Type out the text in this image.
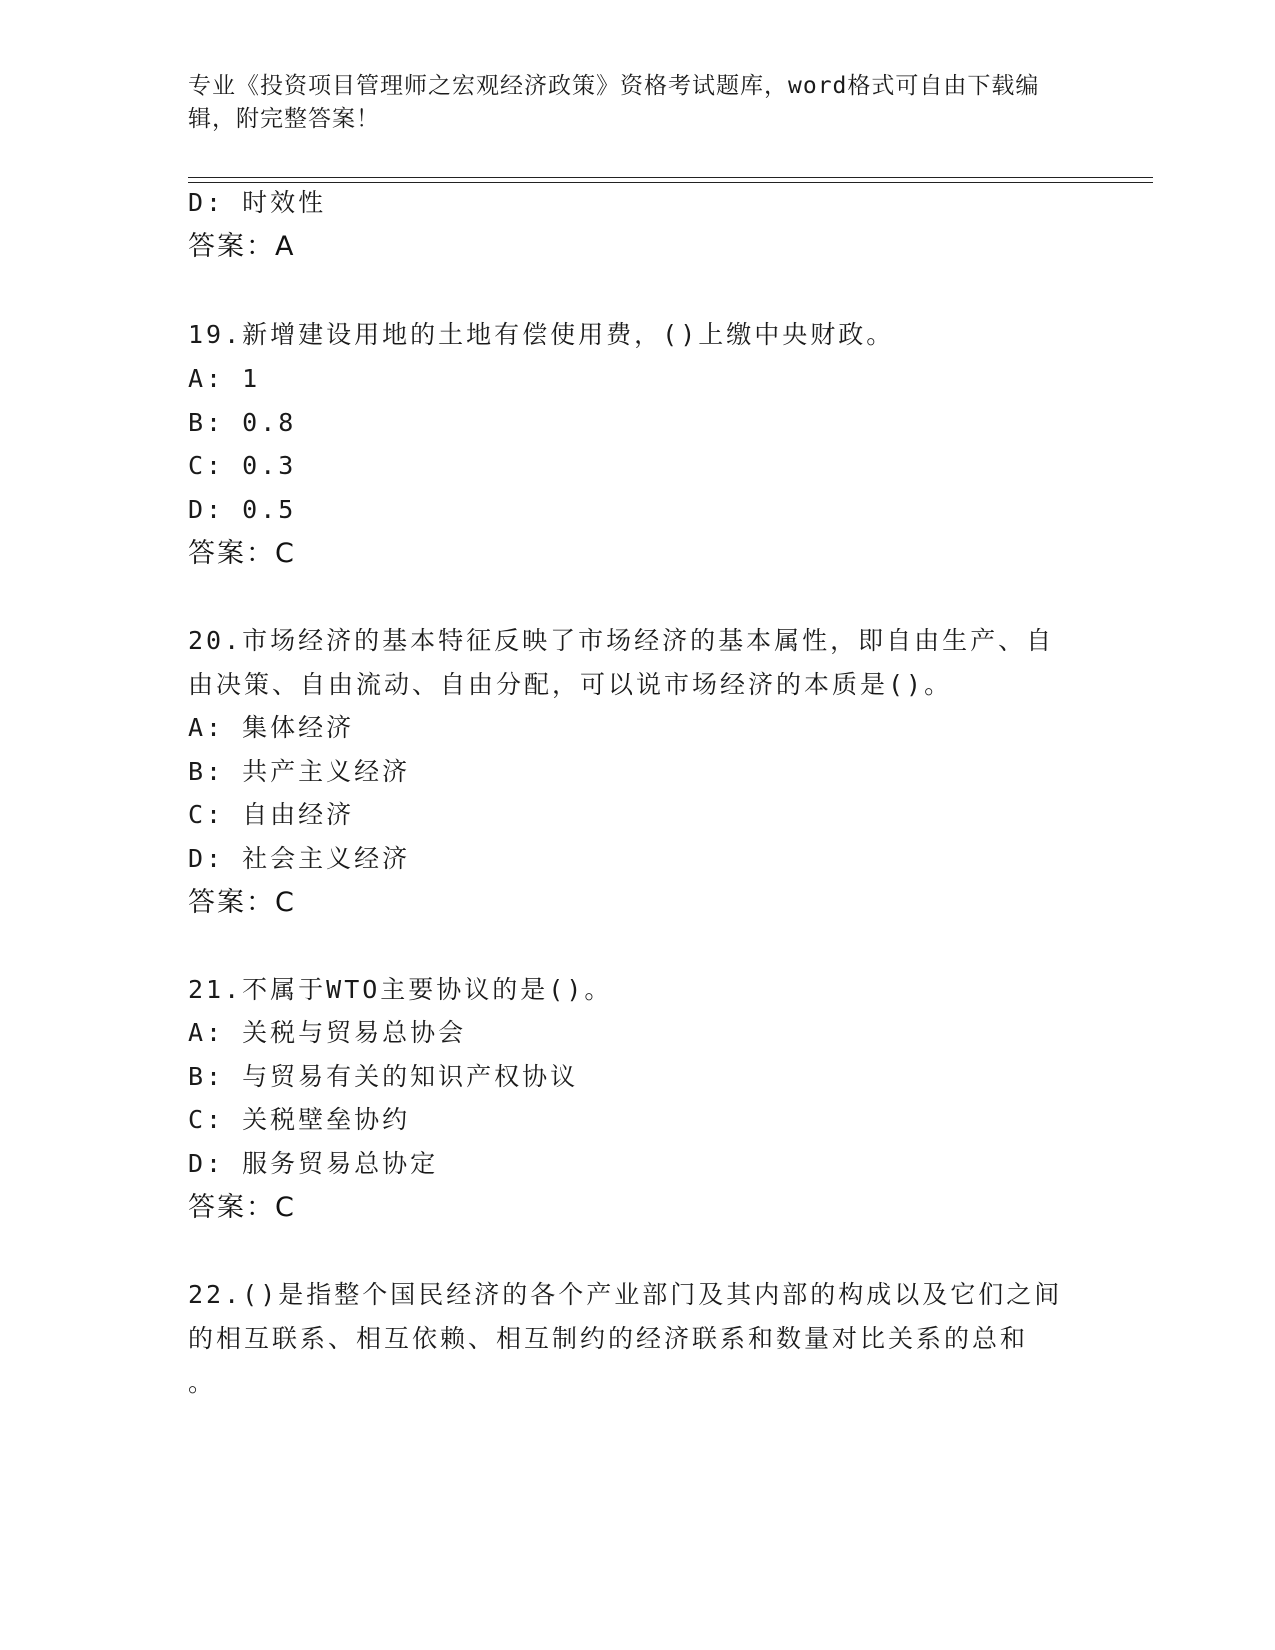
专业《投资项目管理师之宏观经济政策》资格考试题库，word格式可自由下载编辑，附完整答案！
D: 时效性
答案：A
19.新增建设用地的土地有偿使用费，()上缴中央财政。
A: 1
B: 0.8
C: 0.3
D: 0.5
答案：C
20.市场经济的基本特征反映了市场经济的基本属性，即自由生产、自
由决策、自由流动、自由分配，可以说市场经济的本质是()。
A: 集体经济
B: 共产主义经济
C: 自由经济
D: 社会主义经济
答案：C
21.不属于WTO主要协议的是()。
A: 关税与贸易总协会
B: 与贸易有关的知识产权协议
C: 关税壁垒协约
D: 服务贸易总协定
答案：C
22.()是指整个国民经济的各个产业部门及其内部的构成以及它们之间
的相互联系、相互依赖、相互制约的经济联系和数量对比关系的总和
。
